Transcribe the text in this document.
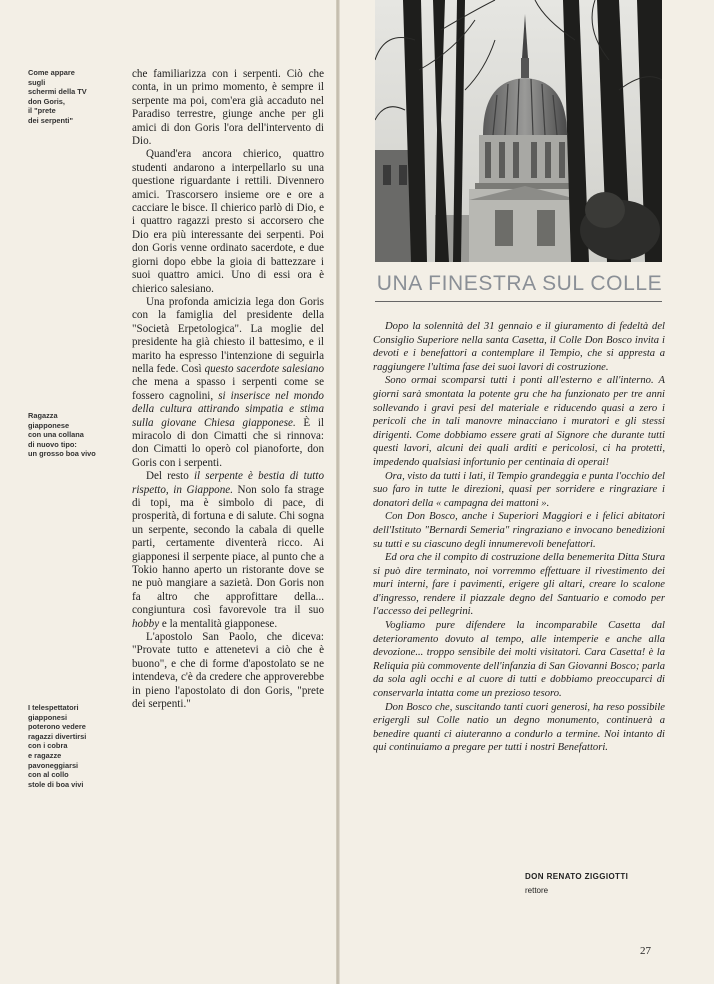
Come appare
sugli
schermi della TV
don Goris,
il "prete
dei serpenti"
Ragazza
giapponese
con una collana
di nuovo tipo:
un grosso boa vivo
I telespettatori
giapponesi
poterono vedere
ragazzi divertirsi
con i cobra
e ragazze
pavoneggiarsi
con al collo
stole di boa vivi

che familiarizza con i serpenti. Ciò che conta, in un primo momento, è sempre il serpente ma poi, com'era già accaduto nel Paradiso terrestre, giunge anche per gli amici di don Goris l'ora dell'intervento di Dio.

Quand'era ancora chierico, quattro studenti andarono a interpellarlo su una questione riguardante i rettili. Divennero amici. Trascorsero insieme ore e ore a cacciare le bisce. Il chierico parlò di Dio, e i quattro ragazzi presto si accorsero che Dio era più interessante dei serpenti. Poi don Goris venne ordinato sacerdote, e due giorni dopo ebbe la gioia di battezzare i suoi quattro amici. Uno di essi ora è chierico salesiano.

Una profonda amicizia lega don Goris con la famiglia del presidente della "Società Erpetologica". La moglie del presidente ha già chiesto il battesimo, e il marito ha espresso l'intenzione di seguirla nella fede. Così questo sacerdote salesiano che mena a spasso i serpenti come se fossero cagnolini, si inserisce nel mondo della cultura attirando simpatia e stima sulla giovane Chiesa giapponese. È il miracolo di don Cimatti che si rinnova: don Cimatti lo operò col pianoforte, don Goris con i serpenti.

Del resto il serpente è bestia di tutto rispetto, in Giappone. Non solo fa strage di topi, ma è simbolo di pace, di prosperità, di fortuna e di salute. Chi sogna un serpente, secondo la cabala di quelle parti, certamente diventerà ricco. Ai giapponesi il serpente piace, al punto che a Tokio hanno aperto un ristorante dove se ne può mangiare a sazietà. Don Goris non fa altro che approfittare della... congiuntura così favorevole tra il suo hobby e la mentalità giapponese.

L'apostolo San Paolo, che diceva: "Provate tutto e attenetevi a ciò che è buono", e che di forme d'apostolato se ne intendeva, c'è da credere che approverebbe in pieno l'apostolato di don Goris, "prete dei serpenti."

UNA FINESTRA SUL COLLE

Dopo la solennità del 31 gennaio e il giuramento di fedeltà del Consiglio Superiore nella santa Casetta, il Colle Don Bosco invita i devoti e i benefattori a contemplare il Tempio, che si appresta a raggiungere l'ultima fase dei suoi lavori di costruzione.

Sono ormai scomparsi tutti i ponti all'esterno e all'interno. A giorni sarà smontata la potente gru che ha funzionato per tre anni sollevando i gravi pesi del materiale e riducendo quasi a zero i pericoli che in tali manovre minacciano i muratori e gli stessi dirigenti. Come dobbiamo essere grati al Signore che durante tutti questi lavori, alcuni dei quali arditi e pericolosi, ci ha protetti, impedendo qualsiasi infortunio per centinaia di operai!

Ora, visto da tutti i lati, il Tempio grandeggia e punta l'occhio del suo faro in tutte le direzioni, quasi per sorridere e ringraziare i donatori della « campagna dei mattoni ».

Con Don Bosco, anche i Superiori Maggiori e i felici abitatori dell'Istituto "Bernardi Semeria" ringraziano e invocano benedizioni su tutti e su ciascuno degli innumerevoli benefattori.

Ed ora che il compito di costruzione della benemerita Ditta Stura si può dire terminato, noi vorremmo effettuare il rivestimento dei muri interni, fare i pavimenti, erigere gli altari, creare lo scalone d'ingresso, rendere il piazzale degno del Santuario e comodo per l'accesso dei pellegrini.

Vogliamo pure difendere la incomparabile Casetta dal deterioramento dovuto al tempo, alle intemperie e anche alla devozione... troppo sensibile dei molti visitatori. Cara Casetta! è la Reliquia più commovente dell'infanzia di San Giovanni Bosco; parla da sola agli occhi e al cuore di tutti e dobbiamo preoccuparci di conservarla intatta come un prezioso tesoro.

Don Bosco che, suscitando tanti cuori generosi, ha reso possibile erigergli sul Colle natio un degno monumento, continuerà a benedire quanti ci aiuteranno a condurlo a termine. Noi intanto di qui continuiamo a pregare per tutti i nostri Benefattori.

DON RENATO ZIGGIOTTI
rettore
27
